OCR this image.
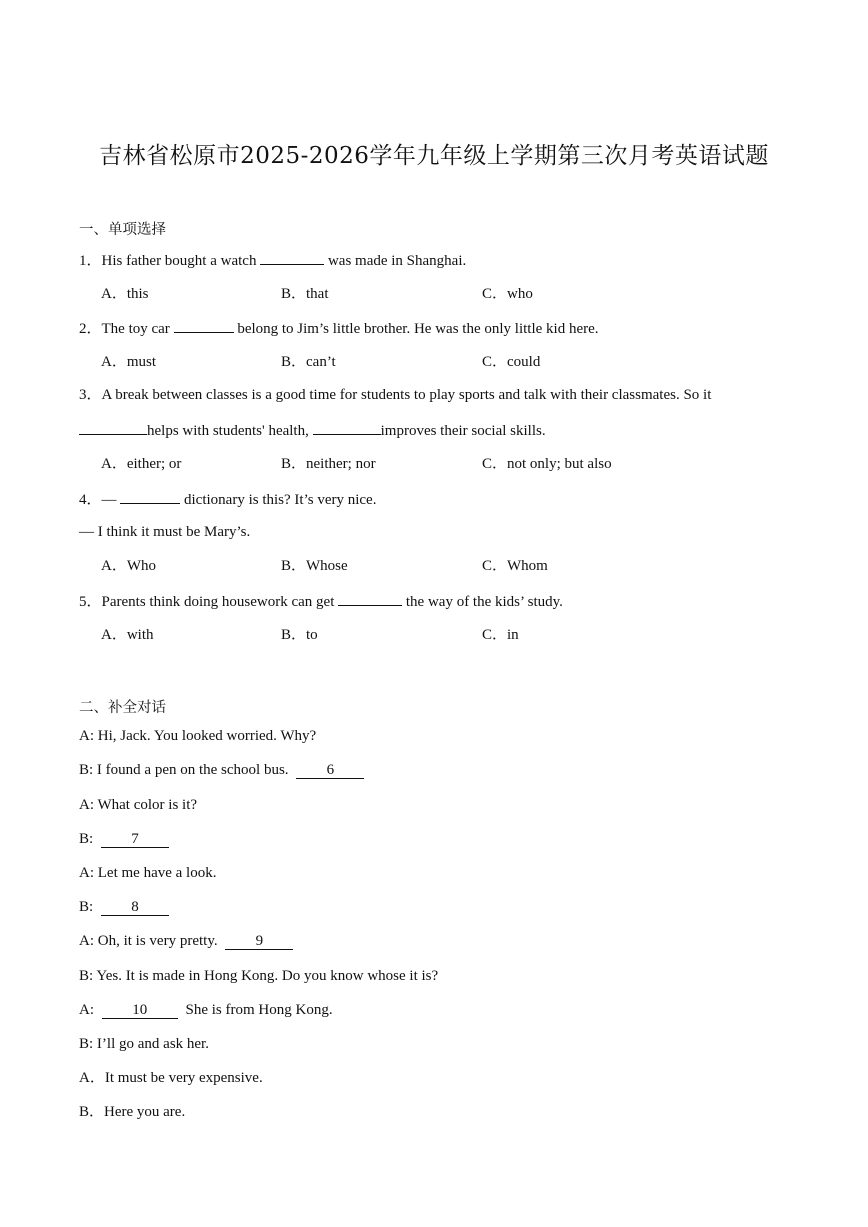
吉林省松原市2025-2026学年九年级上学期第三次月考英语试题
一、单项选择
1．His father bought a watch	was made in Shanghai.
A．this	B．that	C．who
2．The toy car	belong to Jim’s little brother. He was the only little kid here.
A．must	B．can’t	C．could
3．A break between classes is a good time for students to play sports and talk with their classmates. So it
helps with students' health,	improves their social skills.
A．either; or	B．neither; nor	C．not only; but also
4．—	dictionary is this? It’s very nice.
— I think it must be Mary’s.
A．Who	B．Whose	C．Whom
5．Parents think doing housework can get	the way of the kids’ study.
A．with	B．to	C．in
二、补全对话
A: Hi, Jack. You looked worried. Why?
B: I found a pen on the school bus. 6
A: What color is it?
B: 7
A: Let me have a look.
B: 8
A: Oh, it is very pretty. 9
B: Yes. It is made in Hong Kong. Do you know whose it is?
A: 10 She is from Hong Kong.
B: I’ll go and ask her.
A．It must be very expensive.
B．Here you are.
